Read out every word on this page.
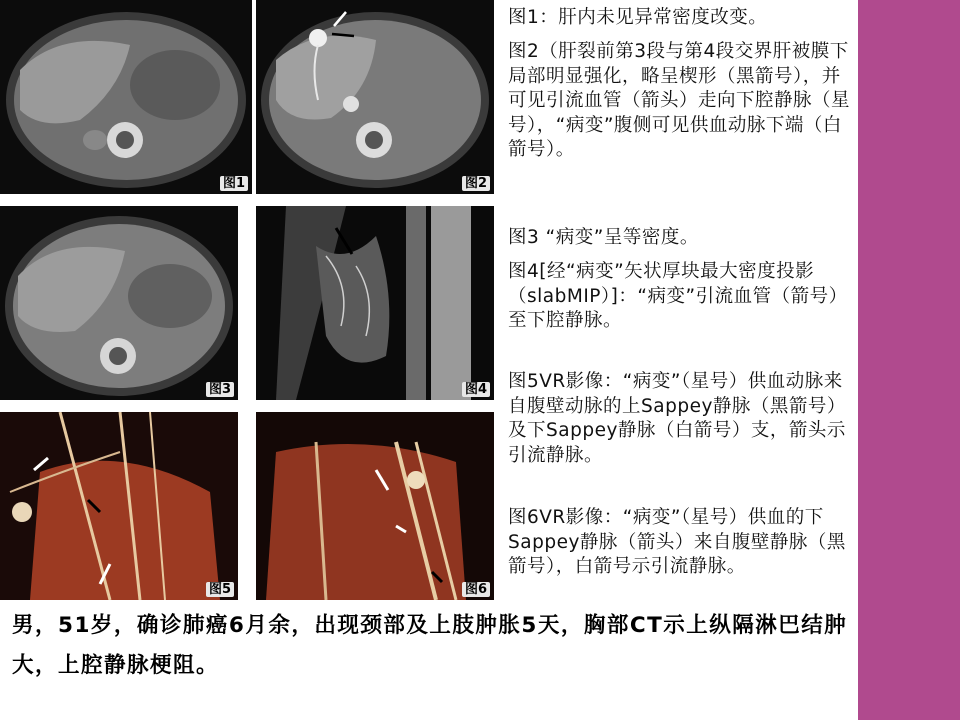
图1	图2
图3	图4
图5	图6
图1：肝内未见异常密度改变。
图2（肝裂前第3段与第4段交界肝被膜下局部明显强化，略呈楔形（黑箭号），并可见引流血管（箭头）走向下腔静脉（星号），“病变”腹侧可见供血动脉下端（白箭号）。
图3 “病变”呈等密度。
图4[经“病变”矢状厚块最大密度投影（slabMIP）]：“病变”引流血管（箭号）至下腔静脉。
图5VR影像：“病变”（星号）供血动脉来自腹壁动脉的上Sappey静脉（黑箭号）及下Sappey静脉（白箭号）支，箭头示引流静脉。
图6VR影像：“病变”（星号）供血的下Sappey静脉（箭头）来自腹壁静脉（黑箭号），白箭号示引流静脉。
男，51岁，确诊肺癌6月余，出现颈部及上肢肿胀5天，胸部CT示上纵隔淋巴结肿大，上腔静脉梗阻。
